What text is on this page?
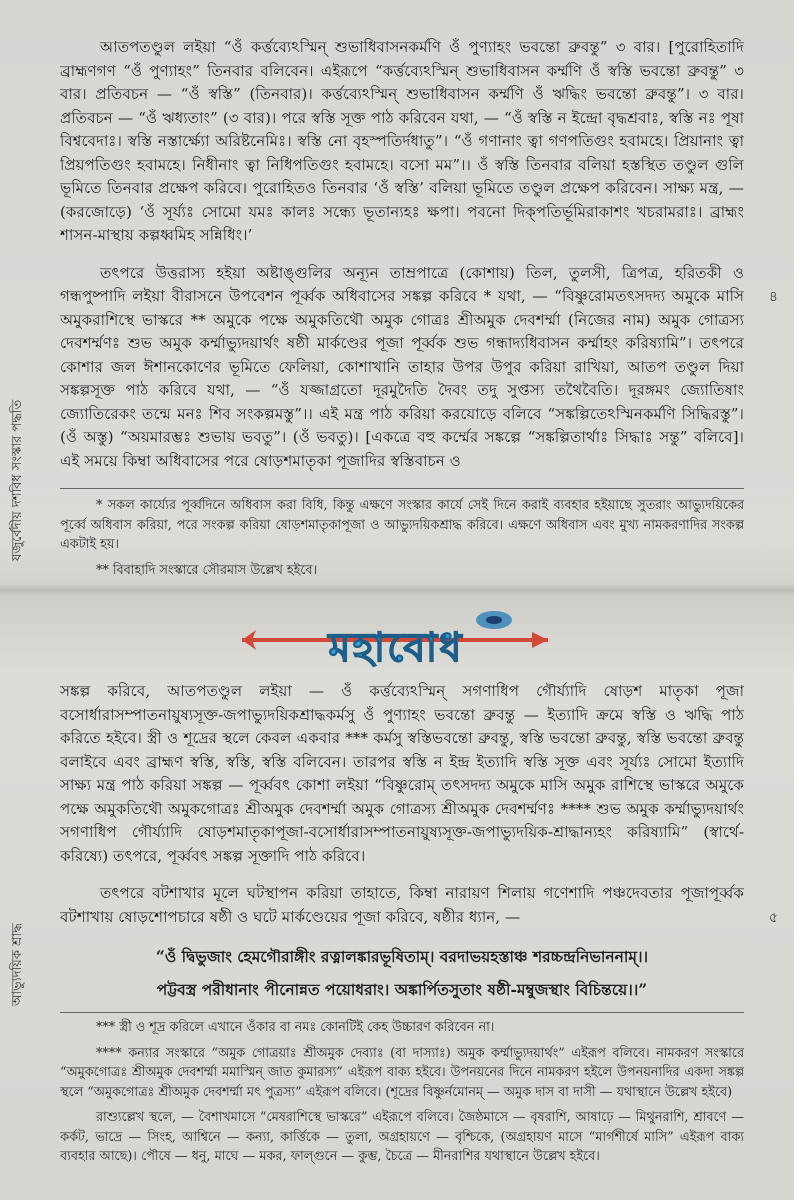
যজুর্বেদীয় দশবিধ সংস্কার পদ্ধতি
আভ্যুদয়িক শ্রাদ্ধ
৪
৫

আতপতণ্ডুল লইয়া “ওঁ কর্ত্তব্যেঽস্মিন্ শুভাধিবাসনকর্মণি ওঁ পুণ্যাহং ভবন্তো ব্রুবন্তু” ৩ বার। [পুরোহিতাদি ব্রাহ্মণগণ “ওঁ পুণ্যাহং” তিনবার বলিবেন। এইরূপে “কর্ত্তব্যেঽস্মিন্ শুভাধিবাসন কর্ম্মণি ওঁ স্বস্তি ভবন্তো ব্রুবন্তু” ৩ বার। প্রতিবচন — “ওঁ স্বস্তি” (তিনবার)। কর্ত্তব্যেঽস্মিন্ শুভাধিবাসন কর্ম্মণি ওঁ ঋদ্ধিং ভবন্তো ব্রুবন্তু”। ৩ বার। প্রতিবচন — “ওঁ ঋধ্যতাং” (৩ বার)। পরে স্বস্তি সূক্ত পাঠ করিবেন যথা, — “ওঁ স্বস্তি ন ইন্দ্রো বৃদ্ধশ্রবাঃ, স্বস্তি নঃ পূষা বিশ্ববেদাঃ। স্বস্তি নস্তার্ক্ষ্যো অরিষ্টনেমিঃ। স্বস্তি নো বৃহস্পতির্দধাতু”। “ওঁ গণানাং ত্বা গণপতিগুং হবামহে। প্রিয়ানাং ত্বা প্রিয়পতিগুং হবামহে। নিধীনাং ত্বা নিধিপতিগুং হবামহে। বসো মম”।। ওঁ স্বস্তি তিনবার বলিয়া হস্তস্থিত তণ্ডুল গুলি ভূমিতে তিনবার প্রক্ষেপ করিবে। পুরোহিতও তিনবার ‘ওঁ স্বস্তি’ বলিয়া ভূমিতে তণ্ডুল প্রক্ষেপ করিবেন। সাক্ষ্য মন্ত্র, — (করজোড়ে) ‘ওঁ সূর্য্যঃ সোমো যমঃ কালঃ সন্ধ্যে ভূতান্যহঃ ক্ষপা। পবনো দিক্পতির্ভূমিরাকাশং খচরামরাঃ। ব্রাহ্মং শাসন-মাস্থায় কল্পধ্বমিহ সন্নিধিং।’

তৎপরে উত্তরাস্য হইয়া অষ্টাঙ্গুলির অন্যূন তাম্রপাত্রে (কোশায়) তিল, তুলসী, ত্রিপত্র, হরিতকী ও গন্ধপুষ্পাদি লইয়া বীরাসনে উপবেশন পূর্ব্বক অধিবাসের সঙ্কল্প করিবে * যথা, — “বিষ্ণুরোমতৎসদদ্য অমুকে মাসি অমুকরাশিস্থে ভাস্করে ** অমুকে পক্ষে অমুকতিথৌ অমুক গোত্রঃ শ্রীঅমুক দেবশর্ম্মা (নিজের নাম) অমুক গোত্রস্য দেবশর্ম্মণঃ শুভ অমুক কর্ম্মাভ্যুদয়ার্থং ষষ্ঠী মার্কণ্ডের পূজা পূর্ব্বক শুভ গন্ধাদ্যধিবাসন কর্ম্মাহং করিষ্যামি”। তৎপরে কোশার জল ঈশানকোণের ভূমিতে ফেলিয়া, কোশাখানি তাহার উপর উপুর করিয়া রাখিয়া, আতপ তণ্ডুল দিয়া সঙ্কল্পসূক্ত পাঠ করিবে যথা, — “ওঁ যজ্জাগ্রতো দূরমুদৈতি দৈবং তদু সুপ্তস্য তথৈবৈতি। দূরঙ্গমং জ্যোতিষাং জ্যোতিরেকং তন্মে মনঃ শিব সংকল্পমস্তু”।। এই মন্ত্র পাঠ করিয়া করযোড়ে বলিবে “সঙ্কল্পিতেঽস্মিনকর্মণি সিদ্ধিরস্তু”। (ওঁ অস্তু) “অয়মারম্ভঃ শুভায় ভবতু”। (ওঁ ভবতু)। [একত্রে বহু কর্ম্মের সঙ্কল্পে “সঙ্কল্পিতার্থাঃ সিদ্ধাঃ সন্তু” বলিবে]। এই সময়ে কিম্বা অধিবাসের পরে ষোড়শমাতৃকা পূজাদির স্বস্তিবাচন ও

* সকল কার্য্যের পূর্ব্বদিনে অধিবাস করা বিধি, কিন্তু এক্ষণে সংস্কার কার্যে সেই দিনে করাই ব্যবহার হইয়াছে সুতরাং আভ্যুদয়িকের পূর্ব্বে অধিবাস করিয়া, পরে সংকল্প করিয়া ষোড়শমাতৃকাপূজা ও আভ্যুদয়িকশ্রাদ্ধ করিবে। এক্ষণে অধিবাস এবং মুখ্য নামকরণাদির সংকল্প একটাই হয়।

** বিবাহাদি সংস্কারে সৌরমাস উল্লেখ হইবে।

মহাবোধ

সঙ্কল্প করিবে, আতপতণ্ডুল লইয়া — ওঁ কর্ত্তব্যেঽস্মিন্ সগণাধিপ গৌর্য্যাদি ষোড়শ মাতৃকা পূজা বসোর্ধারাসম্পাতনায়ুষ্যসূক্ত-জপাভ্যুদয়িকশ্রাদ্ধকর্মসু ওঁ পুণ্যাহং ভবন্তো ব্রুবন্তু — ইত্যাদি ক্রমে স্বস্তি ও ঋদ্ধি পাঠ করিতে হইবে। স্ত্রী ও শূদ্রের স্থলে কেবল একবার *** কর্মসু স্বস্তিভবন্তো ব্রুবন্তু, স্বস্তি ভবন্তো ব্রুবন্তু, স্বস্তি ভবন্তো ব্রুবন্তু বলাইবে এবং ব্রাহ্মণ স্বস্তি, স্বস্তি, স্বস্তি বলিবেন। তারপর স্বস্তি ন ইন্দ্র ইত্যাদি স্বস্তি সূক্ত এবং সূর্য্যঃ সোমো ইত্যাদি সাক্ষ্য মন্ত্র পাঠ করিয়া সঙ্কল্প — পূর্ব্ববৎ কোশা লইয়া “বিষ্ণুরোম্ তৎসদদ্য অমুকে মাসি অমুক রাশিস্থে ভাস্করে অমুকে পক্ষে অমুকতিথৌ অমুকগোত্রঃ শ্রীঅমুক দেবশর্ম্মা অমুক গোত্রস্য শ্রীঅমুক দেবশর্ম্মণঃ **** শুভ অমুক কর্ম্মাভ্যুদয়ার্থং সগণাধিপ গৌর্য্যাদি ষোড়শমাতৃকাপূজা-বসোর্ধারাসম্পাতনায়ুষ্যসূক্ত-জপাভ্যুদয়িক-শ্রাদ্ধান্যহং করিষ্যামি” (স্বার্থে-করিষ্যে) তৎপরে, পূর্ব্ববৎ সঙ্কল্প সূক্তাদি পাঠ করিবে।

তৎপরে বটশাখার মূলে ঘটস্থাপন করিয়া তাহাতে, কিম্বা নারায়ণ শিলায় গণেশাদি পঞ্চদেবতার পূজাপূর্ব্বক বটশাখায় ষোড়শোপচারে ষষ্ঠী ও ঘটে মার্কণ্ডেয়ের পূজা করিবে, ষষ্ঠীর ধ্যান, —

“ওঁ দ্বিভুজাং হেমগৌরাঙ্গীং রত্নালঙ্কারভূষিতাম্। বরদাভয়হস্তাঞ্চ শরচ্চন্দ্রনিভাননাম্।।
পট্টবস্ত্র পরীধানাং পীনোন্নত পয়োধরাং। অঙ্কার্পিতসুতাং ষষ্ঠী-মম্বুজস্থাং বিচিন্তয়ে।।”

*** স্ত্রী ও শূদ্র করিলে এখানে ওঁকার বা নমঃ কোনটিই কেহ উচ্চারণ করিবেন না।

**** কন্যার সংস্কারে “অমুক গোত্রয়াঃ শ্রীঅমুক দেব্যাঃ (বা দাস্যাঃ) অমুক কর্ম্মাভ্যুদয়ার্থং” এইরূপ বলিবে। নামকরণ সংস্কারে “অমুকগোত্রঃ শ্রীঅমুক দেবশর্ম্মা মমাস্মিন্ জাত কুমারস্য” এইরূপ বাক্য হইবে। উপনয়নের দিনে নামকরণ হইলে উপনয়নাদির একদা সঙ্কল্প স্থলে “অমুকগোত্রঃ শ্রীঅমুক দেবশর্ম্মা মৎ পুত্রস্য” এইরূপ বলিবে। (শূদ্রের বিষ্ণুর্নমোনম্ — অমুক দাস বা দাসী — যথাস্থানে উল্লেখ হইবে)

রাশ্যুল্লেখ স্থলে, — বৈশাখমাসে “মেষরাশিস্থে ভাস্করে” এইরূপে বলিবে। জৈষ্ঠমাসে — বৃষরাশি, আষাঢ়ে — মিথুনরাশি, শ্রাবণে — কর্কট, ভাদ্রে — সিংহ, আশ্বিনে — কন্যা, কার্ত্তিকে — তুলা, অগ্রহায়ণে — বৃশ্চিকে, (অগ্রহায়ণ মাসে “মার্গশীর্ষে মাসি” এইরূপ বাক্য ব্যবহার আছে)। পৌষে — ধনু, মাঘে — মকর, ফাল্গুনে — কুম্ভ, চৈত্রে — মীনরাশির যথাস্থানে উল্লেখ হইবে।
